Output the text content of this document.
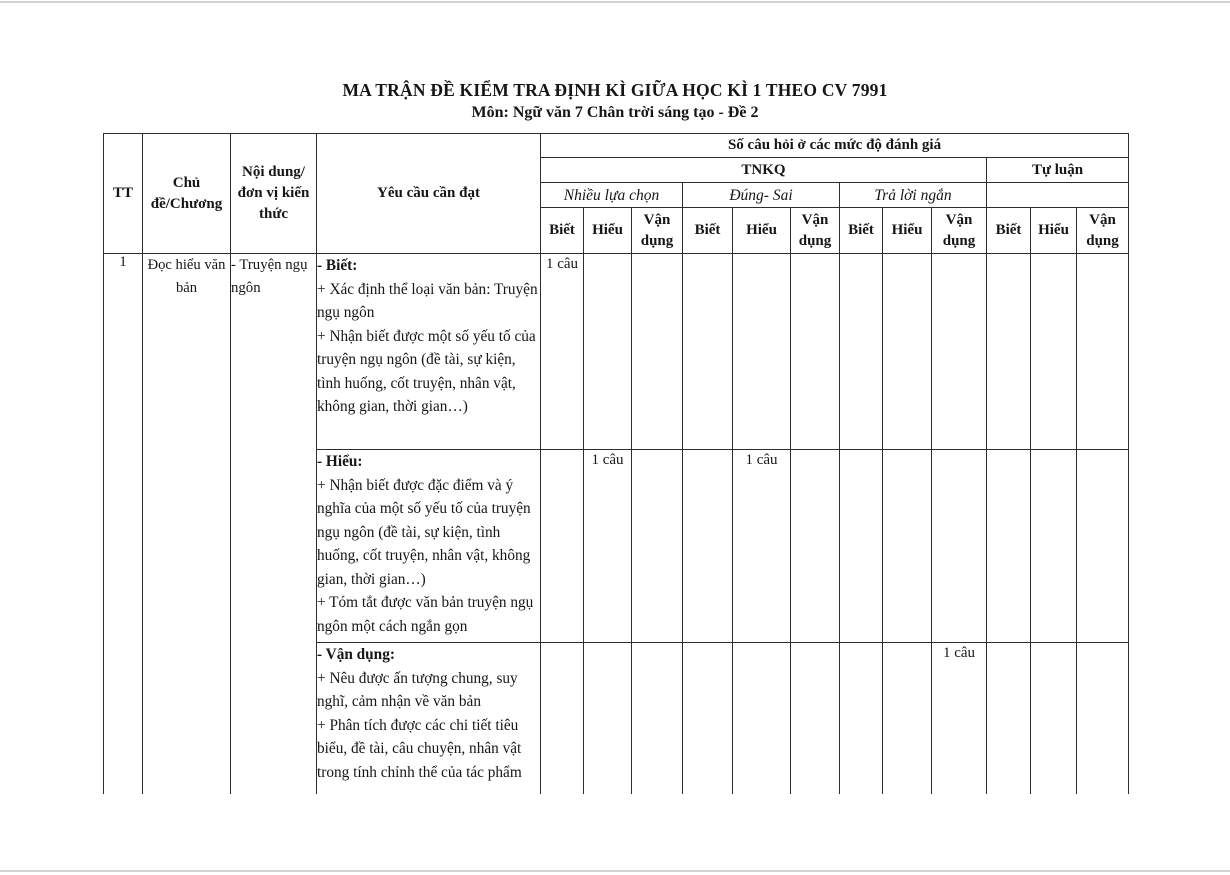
MA TRẬN ĐỀ KIỂM TRA ĐỊNH KÌ GIỮA HỌC KÌ 1 THEO CV 7991
Môn: Ngữ văn 7 Chân trời sáng tạo - Đề 2
TT	Chủ đề/Chương	Nội dung/đơn vị kiến thức	Yêu cầu cần đạt	Số câu hỏi ở các mức độ đánh giá											
				TNKQ									Tự luận		
				Nhiều lựa chọn			Đúng- Sai			Trả lời ngắn					
				Biết	Hiểu	Vận dụng	Biết	Hiểu	Vận dụng	Biết	Hiểu	Vận dụng	Biết	Hiểu	Vận dụng
1	Đọc hiểu văn bản	- Truyện ngụ ngôn	- Biết:
+ Xác định thể loại văn bản: Truyện ngụ ngôn
+ Nhận biết được một số yếu tố của truyện ngụ ngôn (đề tài, sự kiện, tình huống, cốt truyện, nhân vật, không gian, thời gian…)	1 câu											

			- Hiểu:
+ Nhận biết được đặc điểm và ý nghĩa của một số yếu tố của truyện ngụ ngôn (đề tài, sự kiện, tình huống, cốt truyện, nhân vật, không gian, thời gian…)
+ Tóm tắt được văn bản truyện ngụ ngôn một cách ngắn gọn		1 câu			1 câu							

			- Vận dụng:
+ Nêu được ấn tượng chung, suy nghĩ, cảm nhận về văn bản
+ Phân tích được các chi tiết tiêu biểu, đề tài, câu chuyện, nhân vật trong tính chỉnh thể của tác phẩm									1 câu			
